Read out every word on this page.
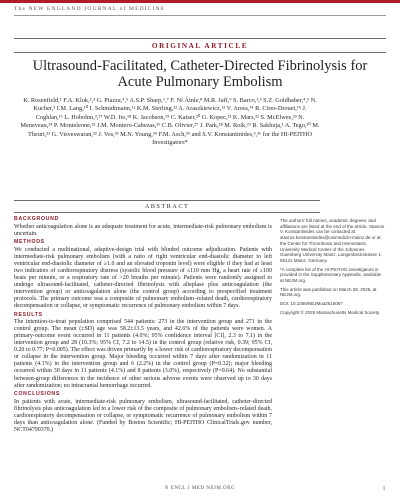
The NEW ENGLAND JOURNAL of MEDICINE
ORIGINAL ARTICLE
Ultrasound-Facilitated, Catheter-Directed Fibrinolysis for Acute Pulmonary Embolism
K. Rosenfield,¹ F.A. Klok,²,³ G. Piazza,⁴,⁵ A.S.P. Sharp,⁶,⁷ F. Ní Áinle,⁸ M.R. Jaff,⁹ S. Barco,¹,³ S.Z. Goldhaber,⁴,⁵ N. Kucher,³ I.M. Lang,¹⁰ I. Schmidtmann,¹¹ K.M. Sterling,¹² A. Araszkiewicz,¹³ V. Arora,¹⁴ R. Cires-Drouet,¹⁵ J. Coghlan,¹⁶ L. Hobohm,³,¹⁷ W.D. Ito,¹⁸ K. Jacobson,¹⁹ C. Kaiser,²⁰ G. Kopec,²¹ K. Mars,²² S. McElwee,²³ N. Meneveau,²⁴ P. Monteleone,²⁵ J.M. Montero-Cabezas,²⁶ C.B. Olivier,²⁷ J. Park,²⁸ M. Roik,²⁹ R. Sakhuja,¹ A. Tego,³⁰ M. Theuri,³¹ G. Visveswaran,³² J. Vos,³³ M.N. Young,³⁴ F.M. Asch,³⁵ and S.V. Konstantinides,³,³⁶ for the HI-PEITHO Investigators*
ABSTRACT
BACKGROUND
Whether anticoagulation alone is an adequate treatment for acute, intermediate-risk pulmonary embolism is uncertain.
METHODS
We conducted a multinational, adaptive-design trial with blinded outcome adjudication. Patients with intermediate-risk pulmonary embolism (with a ratio of right ventricular end-diastolic diameter to left ventricular end-diastolic diameter of ≥1.0 and an elevated troponin level) were eligible if they had at least two indicators of cardiorespiratory distress (systolic blood pressure of ≤110 mm Hg, a heart rate of ≥100 beats per minute, or a respiratory rate of >20 breaths per minute). Patients were randomly assigned to undergo ultrasound-facilitated, catheter-directed fibrinolysis with alteplase plus anticoagulation (the intervention group) or anticoagulation alone (the control group) according to prespecified treatment protocols. The primary outcome was a composite of pulmonary embolism–related death, cardiorespiratory decompensation or collapse, or symptomatic recurrence of pulmonary embolism within 7 days.
RESULTS
The intention-to-treat population comprised 544 patients: 273 in the intervention group and 271 in the control group. The mean (±SD) age was 58.2±13.5 years, and 42.6% of the patients were women. A primary-outcome event occurred in 11 patients (4.0%; 95% confidence interval [CI], 2.3 to 7.1) in the intervention group and 28 (10.3%; 95% CI, 7.2 to 14.5) in the control group (relative risk, 0.39; 95% CI, 0.20 to 0.77; P=0.005). The effect was driven primarily by a lower risk of cardiorespiratory decompensation or collapse in the intervention group. Major bleeding occurred within 7 days after randomization in 11 patients (4.1%) in the intervention group and 6 (2.2%) in the control group (P=0.32); major bleeding occurred within 30 days in 11 patients (4.1%) and 8 patients (3.0%), respectively (P=0.64). No substantial between-group differences in the incidence of other serious adverse events were observed up to 30 days after randomization; no intracranial hemorrhage occurred.
CONCLUSIONS
In patients with acute, intermediate-risk pulmonary embolism, ultrasound-facilitated, catheter-directed fibrinolysis plus anticoagulation led to a lower risk of the composite of pulmonary embolism–related death, cardiorespiratory decompensation or collapse, or symptomatic recurrence of pulmonary embolism within 7 days than anticoagulation alone. (Funded by Boston Scientific; HI-PEITHO ClinicalTrials.gov number, NCT04790370.)

The authors’ full names, academic degrees, and affiliations are listed at the end of the article. Stavros V. Konstantinides can be contacted at stavros.konstantinides@unimedizin-mainz.de or at the Center for Thrombosis and Hemostasis, University Medical Center of the Johannes Gutenberg University Mainz, Langenbeckstrasse 1, 55131 Mainz, Germany.

*A complete list of the HI-PEITHO investigators is provided in the Supplementary Appendix, available at NEJM.org.

This article was published on March 28, 2026, at NEJM.org.

DOI: 10.1056/NEJMoa2516067

Copyright © 2026 Massachusetts Medical Society.

N ENGL J MED NEJM.ORG	1
